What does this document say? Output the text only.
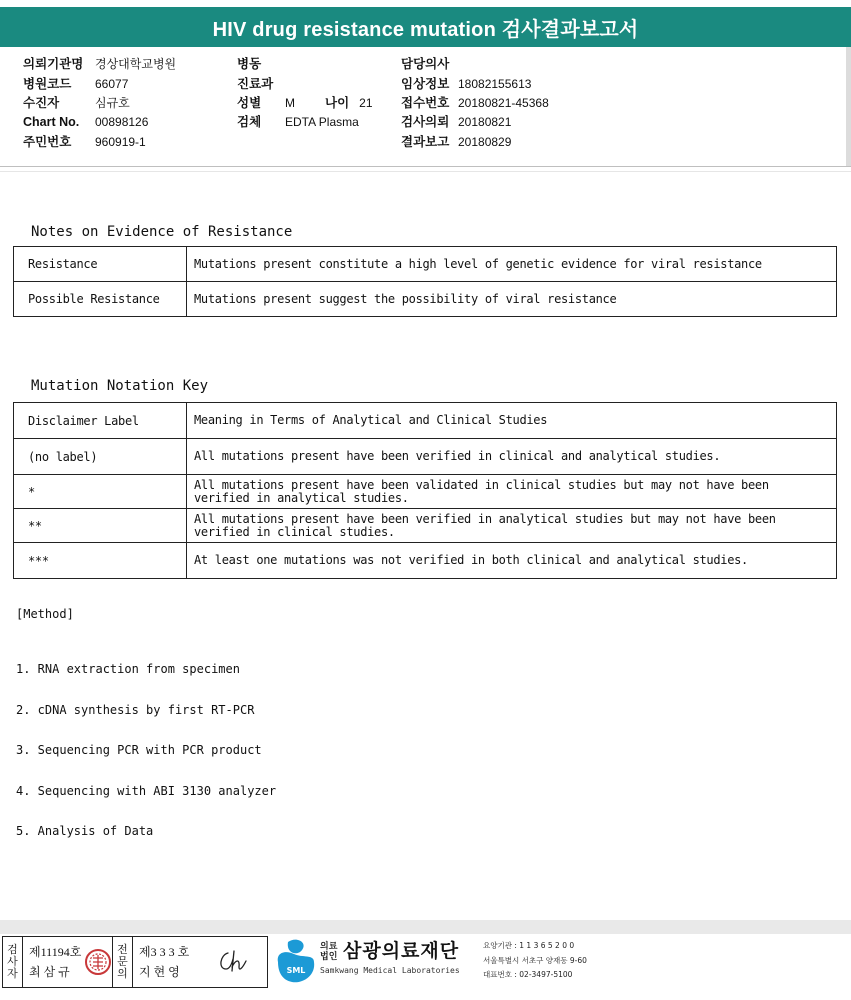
HIV drug resistance mutation 검사결과보고서
의뢰기관명 경상대학교병원
병원코드	66077
수진자	심규호
Chart No.	00898126
주민번호	960919-1
병동
진료과
성별	M 나이 21
검체	EDTA Plasma
담당의사
임상정보 18082155613
접수번호 20180821-45368
검사의뢰 20180821
결과보고 20180829
Notes on Evidence of Resistance
Resistance	Mutations present constitute a high level of genetic evidence for viral resistance
Possible Resistance	Mutations present suggest the possibility of viral resistance
Mutation Notation Key
Disclaimer Label	Meaning in Terms of Analytical and Clinical Studies
(no label)	All mutations present have been verified in clinical and analytical studies.
*	All mutations present have been validated in clinical studies but may not have been verified in analytical studies.
**	All mutations present have been verified in analytical studies but may not have been verified in clinical studies.
***	At least one mutations was not verified in both clinical and analytical studies.
[Method]

1. RNA extraction from specimen

2. cDNA synthesis by first RT-PCR

3. Sequencing PCR with PCR product

4. Sequencing with ABI 3130 analyzer

5. Analysis of Data

검
사
자
제11194호
최 삼 규
전
문
의
제3 3 3 호
지 현 영	SML
의료
법인 삼광의료재단
Samkwang Medical Laboratories
요양기관 : 1 1 3 6 5 2 0 0
서울특별시 서초구 양재동 9-60
대표번호 : 02-3497-5100
